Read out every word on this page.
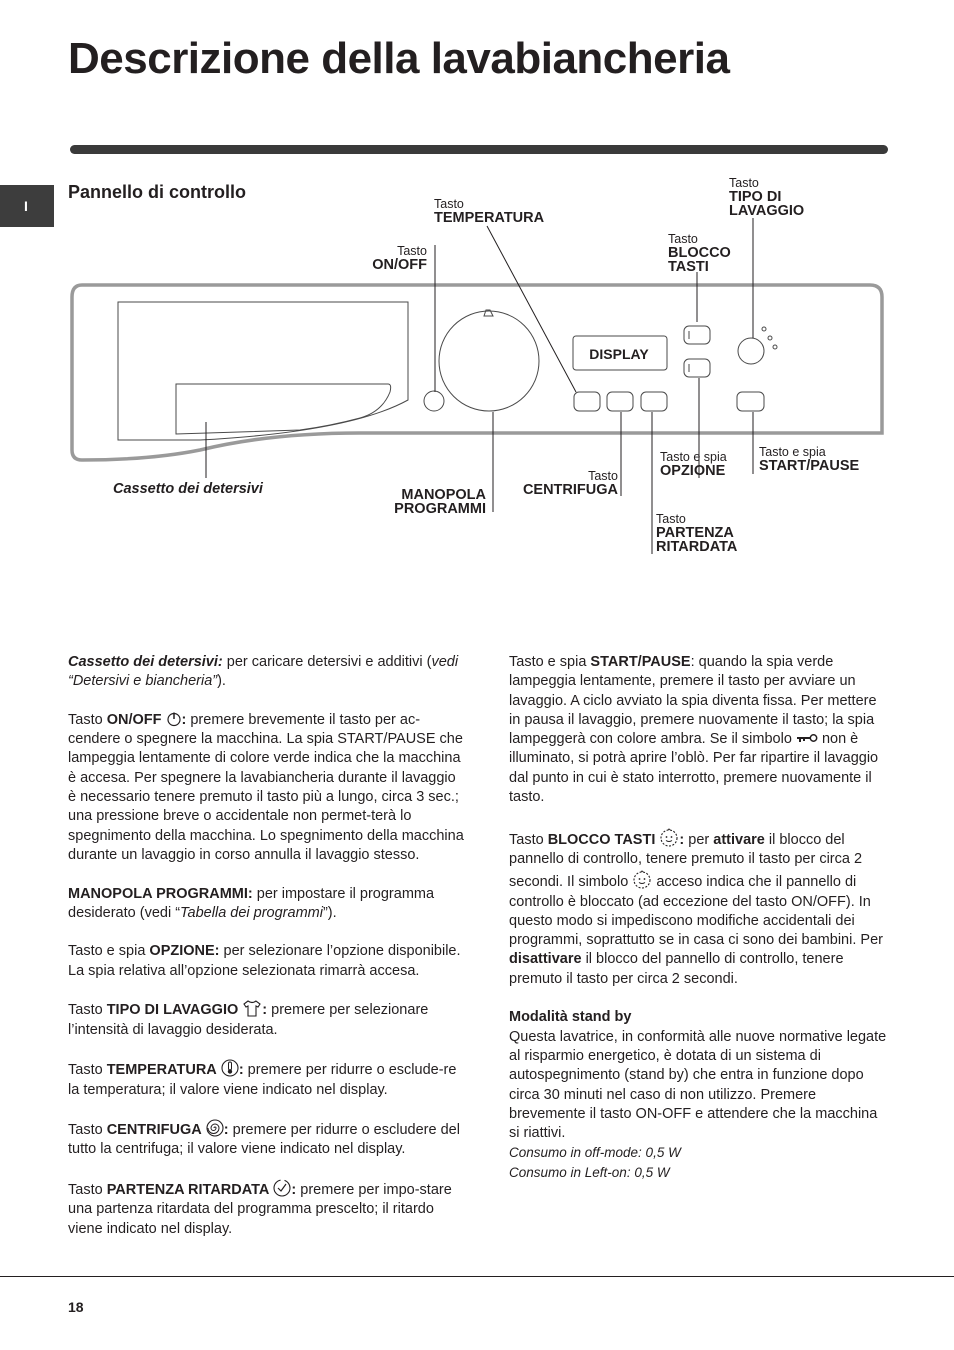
Descrizione della lavabiancheria
I
Pannello di controllo
DISPLAY
Tasto
TEMPERATURA
Tasto
ON/OFF
Tasto
TIPO DI
LAVAGGIO
Tasto
BLOCCO
TASTI
MANOPOLA
PROGRAMMI
Tasto
CENTRIFUGA
Tasto e spia
OPZIONE
Tasto e spia
START/PAUSE
Tasto
PARTENZA
RITARDATA
Cassetto dei detersivi

Cassetto dei detersivi: per caricare detersivi e additivi (vedi “Detersivi e biancheria”).

Tasto ON/OFF : premere brevemente il tasto per ac-cendere o spegnere la macchina. La spia START/PAUSE che lampeggia lentamente di colore verde indica che la macchina è accesa. Per spegnere la lavabiancheria durante il lavaggio è necessario tenere premuto il tasto più a lungo, circa 3 sec.; una pressione breve o accidentale non permet-terà lo spegnimento della macchina. Lo spegnimento della macchina durante un lavaggio in corso annulla il lavaggio stesso.

MANOPOLA PROGRAMMI: per impostare il programma desiderato (vedi “Tabella dei programmi”).

Tasto e spia OPZIONE: per selezionare l’opzione disponibile. La spia relativa all’opzione selezionata rimarrà accesa.

Tasto TIPO DI LAVAGGIO : premere per selezionare l’intensità di lavaggio desiderata.

Tasto TEMPERATURA : premere per ridurre o esclude-re la temperatura; il valore viene indicato nel display.

Tasto CENTRIFUGA : premere per ridurre o escludere del tutto la centrifuga; il valore viene indicato nel display.

Tasto PARTENZA RITARDATA : premere per impo-stare una partenza ritardata del programma prescelto; il ritardo viene indicato nel display.

Tasto e spia START/PAUSE: quando la spia verde lampeggia lentamente, premere il tasto per avviare un lavaggio. A ciclo avviato la spia diventa fissa. Per mettere in pausa il lavaggio, premere nuovamente il tasto; la spia lampeggerà con colore ambra. Se il simbolo  non è illuminato, si potrà aprire l’oblò. Per far ripartire il lavaggio dal punto in cui è stato interrotto, premere nuovamente il tasto.

Tasto BLOCCO TASTI : per attivare il blocco del pannello di controllo, tenere premuto il tasto per circa 2 secondi. Il simbolo  acceso indica che il pannello di controllo è bloccato (ad eccezione del tasto ON/OFF). In questo modo si impediscono modifiche accidentali dei programmi, soprattutto se in casa ci sono dei bambini. Per disattivare il blocco del pannello di controllo, tenere premuto il tasto per circa 2 secondi.

Modalità stand by
Questa lavatrice, in conformità alle nuove normative legate al risparmio energetico, è dotata di un sistema di autospegnimento (stand by) che entra in funzione dopo circa 30 minuti nel caso di non utilizzo. Premere brevemente il tasto ON-OFF e attendere che la macchina si riattivi.
Consumo in off-mode: 0,5 W
Consumo in Left-on: 0,5 W

18
